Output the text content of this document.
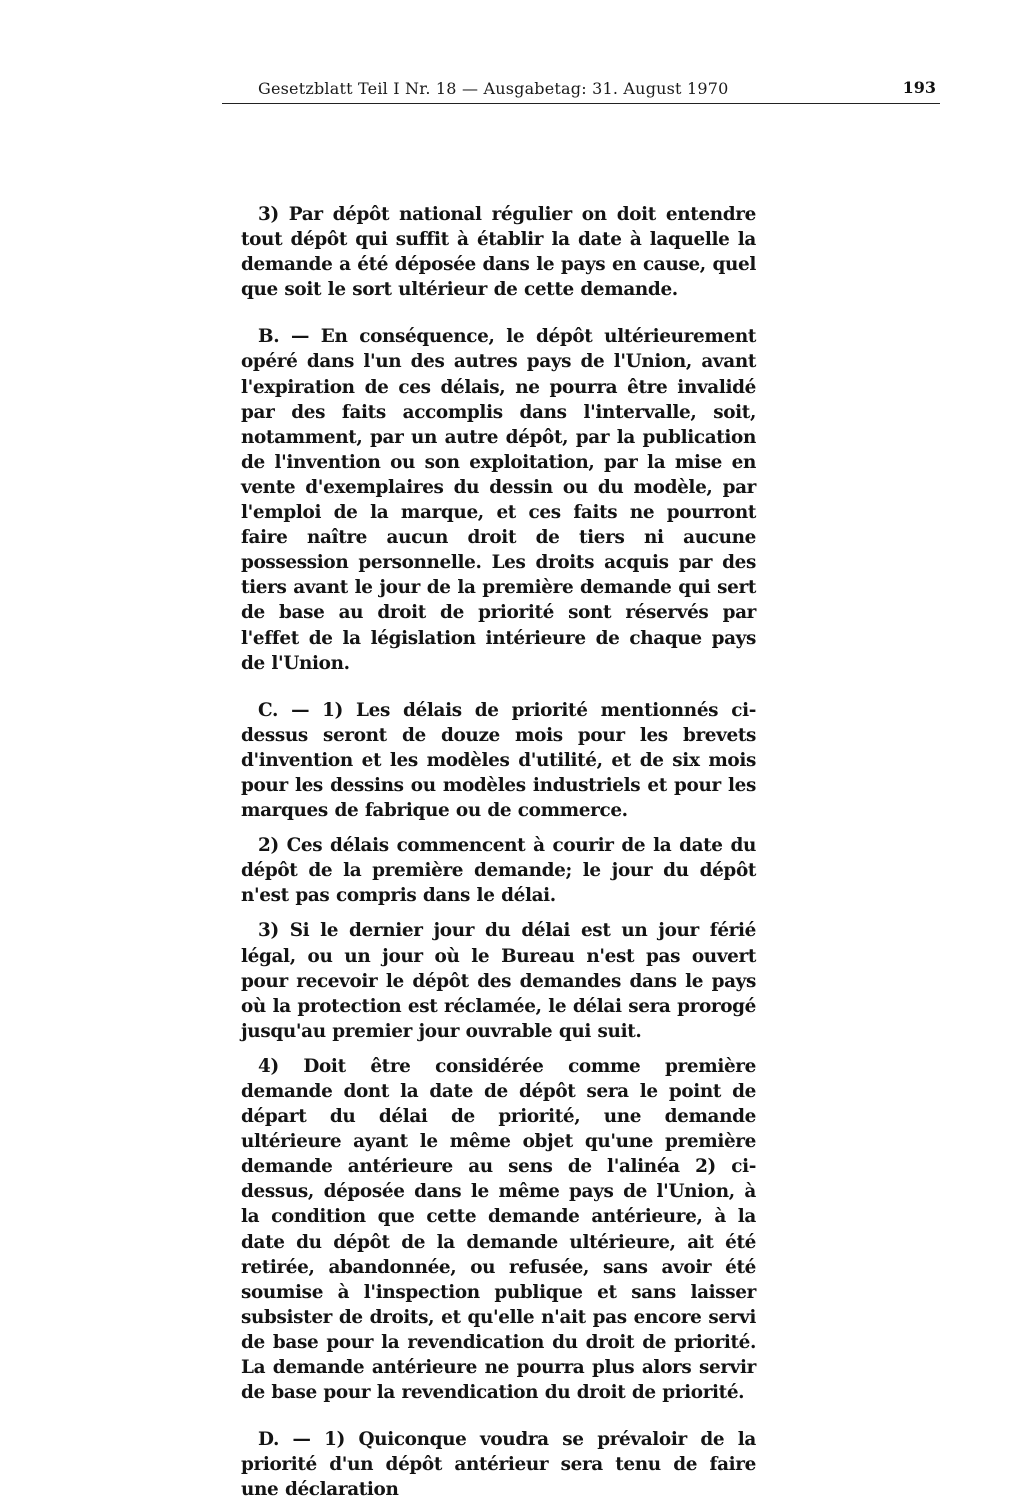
Gesetzblatt Teil I Nr. 18 — Ausgabetag: 31. August 1970	193

3) Par dépôt national régulier on doit entendre tout dépôt qui suffit à établir la date à laquelle la demande a été déposée dans le pays en cause, quel que soit le sort ultérieur de cette demande.

B. — En conséquence, le dépôt ultérieurement opéré dans l'un des autres pays de l'Union, avant l'expiration de ces délais, ne pourra être invalidé par des faits accomplis dans l'intervalle, soit, notamment, par un autre dépôt, par la publication de l'invention ou son exploitation, par la mise en vente d'exemplaires du dessin ou du modèle, par l'emploi de la marque, et ces faits ne pourront faire naître aucun droit de tiers ni aucune possession personnelle. Les droits acquis par des tiers avant le jour de la première demande qui sert de base au droit de priorité sont réservés par l'effet de la législation intérieure de chaque pays de l'Union.

C. — 1) Les délais de priorité mentionnés ci-dessus seront de douze mois pour les brevets d'invention et les modèles d'utilité, et de six mois pour les dessins ou modèles industriels et pour les marques de fabrique ou de commerce.

2) Ces délais commencent à courir de la date du dépôt de la première demande; le jour du dépôt n'est pas compris dans le délai.

3) Si le dernier jour du délai est un jour férié légal, ou un jour où le Bureau n'est pas ouvert pour recevoir le dépôt des demandes dans le pays où la protection est réclamée, le délai sera prorogé jusqu'au premier jour ouvrable qui suit.

4) Doit être considérée comme première demande dont la date de dépôt sera le point de départ du délai de priorité, une demande ultérieure ayant le même objet qu'une première demande antérieure au sens de l'alinéa 2) ci-dessus, déposée dans le même pays de l'Union, à la condition que cette demande antérieure, à la date du dépôt de la demande ultérieure, ait été retirée, abandonnée, ou refusée, sans avoir été soumise à l'inspection publique et sans laisser subsister de droits, et qu'elle n'ait pas encore servi de base pour la revendication du droit de priorité. La demande antérieure ne pourra plus alors servir de base pour la revendication du droit de priorité.

D. — 1) Quiconque voudra se prévaloir de la priorité d'un dépôt antérieur sera tenu de faire une déclaration
